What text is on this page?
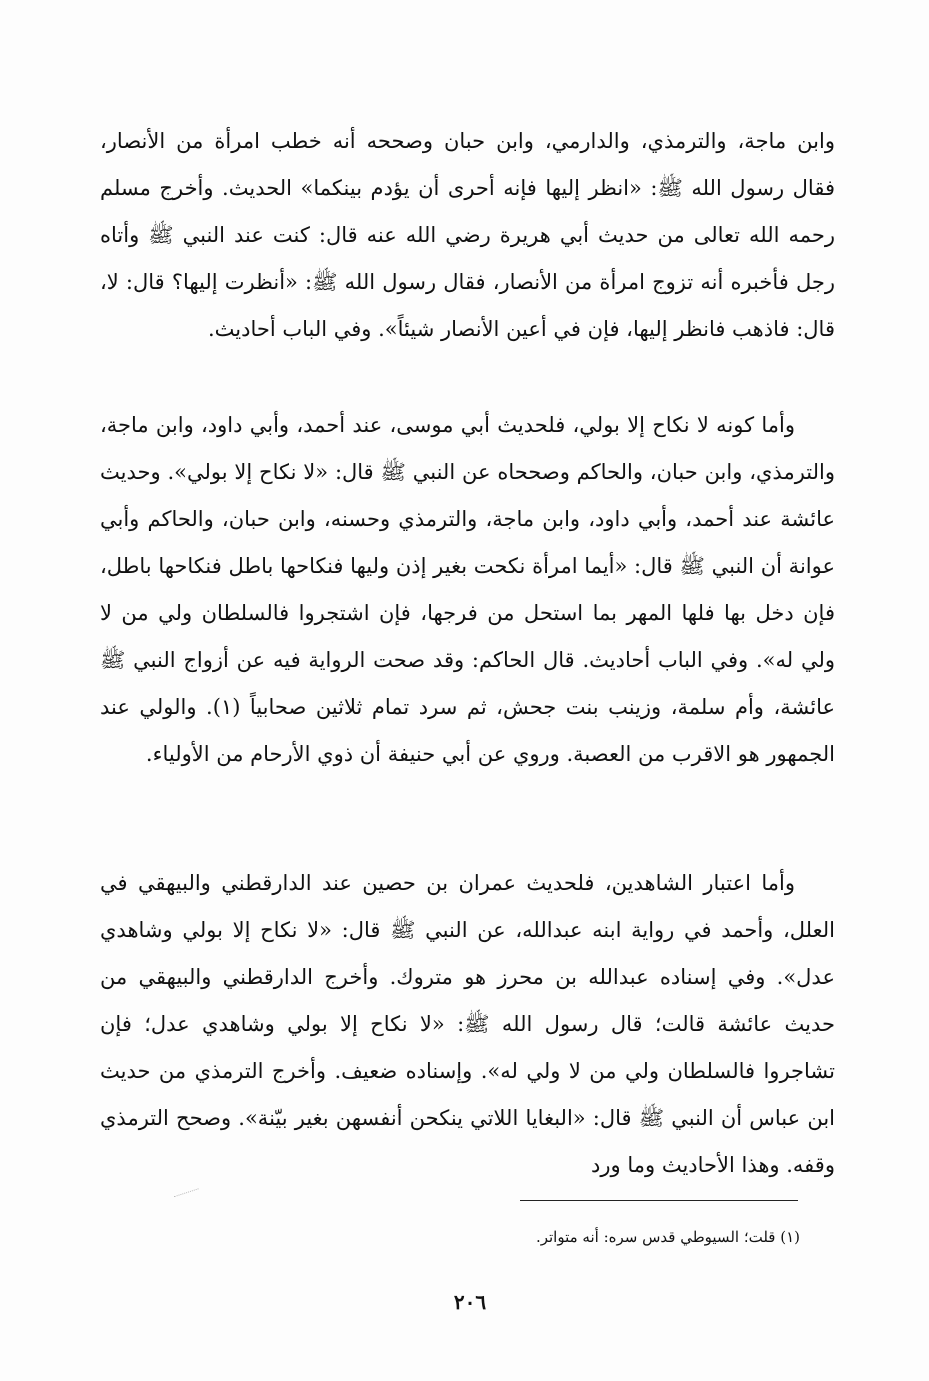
وابن ماجة، والترمذي، والدارمي، وابن حبان وصححه أنه خطب امرأة من الأنصار، فقال رسول الله ﷺ: «انظر إليها فإنه أحرى أن يؤدم بينكما» الحديث. وأخرج مسلم رحمه الله تعالى من حديث أبي هريرة رضي الله عنه قال: كنت عند النبي ﷺ وأتاه رجل فأخبره أنه تزوج امرأة من الأنصار، فقال رسول الله ﷺ: «أنظرت إليها؟ قال: لا، قال: فاذهب فانظر إليها، فإن في أعين الأنصار شيئاً». وفي الباب أحاديث.

وأما كونه لا نكاح إلا بولي، فلحديث أبي موسى، عند أحمد، وأبي داود، وابن ماجة، والترمذي، وابن حبان، والحاكم وصححاه عن النبي ﷺ قال: «لا نكاح إلا بولي». وحديث عائشة عند أحمد، وأبي داود، وابن ماجة، والترمذي وحسنه، وابن حبان، والحاكم وأبي عوانة أن النبي ﷺ قال: «أيما امرأة نكحت بغير إذن وليها فنكاحها باطل فنكاحها باطل، فإن دخل بها فلها المهر بما استحل من فرجها، فإن اشتجروا فالسلطان ولي من لا ولي له». وفي الباب أحاديث. قال الحاكم: وقد صحت الرواية فيه عن أزواج النبي ﷺ عائشة، وأم سلمة، وزينب بنت جحش، ثم سرد تمام ثلاثين صحابياً (١). والولي عند الجمهور هو الاقرب من العصبة. وروي عن أبي حنيفة أن ذوي الأرحام من الأولياء.

وأما اعتبار الشاهدين، فلحديث عمران بن حصين عند الدارقطني والبيهقي في العلل، وأحمد في رواية ابنه عبدالله، عن النبي ﷺ قال: «لا نكاح إلا بولي وشاهدي عدل». وفي إسناده عبدالله بن محرز هو متروك. وأخرج الدارقطني والبيهقي من حديث عائشة قالت؛ قال رسول الله ﷺ: «لا نكاح إلا بولي وشاهدي عدل؛ فإن تشاجروا فالسلطان ولي من لا ولي له». وإسناده ضعيف. وأخرج الترمذي من حديث ابن عباس أن النبي ﷺ قال: «البغايا اللاتي ينكحن أنفسهن بغير بيّنة». وصحح الترمذي وقفه. وهذا الأحاديث وما ورد

(١) قلت؛ السيوطي قدس سره: أنه متواتر.
٢٠٦
